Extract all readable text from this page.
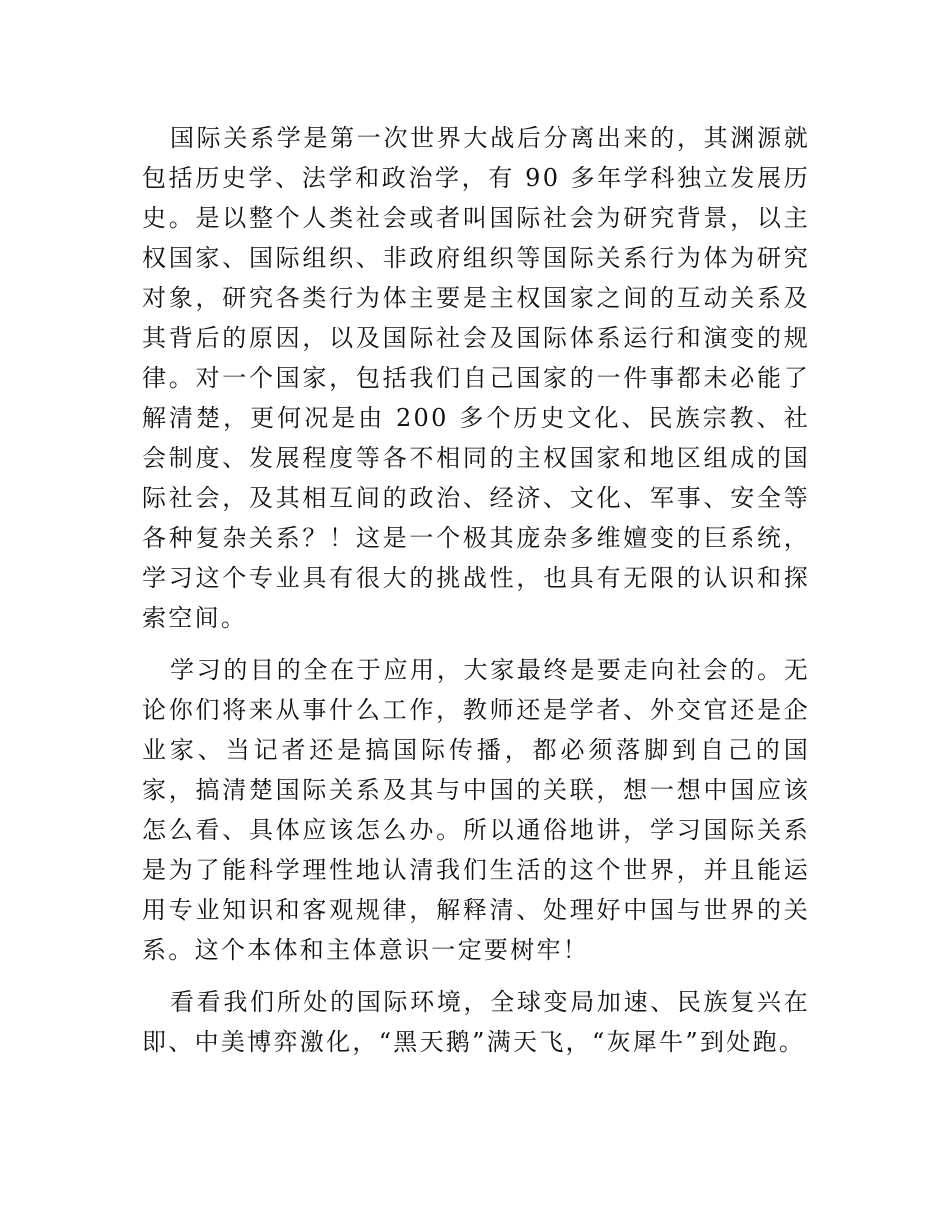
国际关系学是第一次世界大战后分离出来的，其渊源就包括历史学、法学和政治学，有 90 多年学科独立发展历史。是以整个人类社会或者叫国际社会为研究背景，以主权国家、国际组织、非政府组织等国际关系行为体为研究对象，研究各类行为体主要是主权国家之间的互动关系及其背后的原因，以及国际社会及国际体系运行和演变的规律。对一个国家，包括我们自己国家的一件事都未必能了解清楚，更何况是由 200 多个历史文化、民族宗教、社会制度、发展程度等各不相同的主权国家和地区组成的国际社会，及其相互间的政治、经济、文化、军事、安全等各种复杂关系？！这是一个极其庞杂多维嬗变的巨系统，学习这个专业具有很大的挑战性，也具有无限的认识和探索空间。

学习的目的全在于应用，大家最终是要走向社会的。无论你们将来从事什么工作，教师还是学者、外交官还是企业家、当记者还是搞国际传播，都必须落脚到自己的国家，搞清楚国际关系及其与中国的关联，想一想中国应该怎么看、具体应该怎么办。所以通俗地讲，学习国际关系是为了能科学理性地认清我们生活的这个世界，并且能运用专业知识和客观规律，解释清、处理好中国与世界的关系。这个本体和主体意识一定要树牢！

看看我们所处的国际环境，全球变局加速、民族复兴在即、中美博弈激化，“黑天鹅”满天飞，“灰犀牛”到处跑。
